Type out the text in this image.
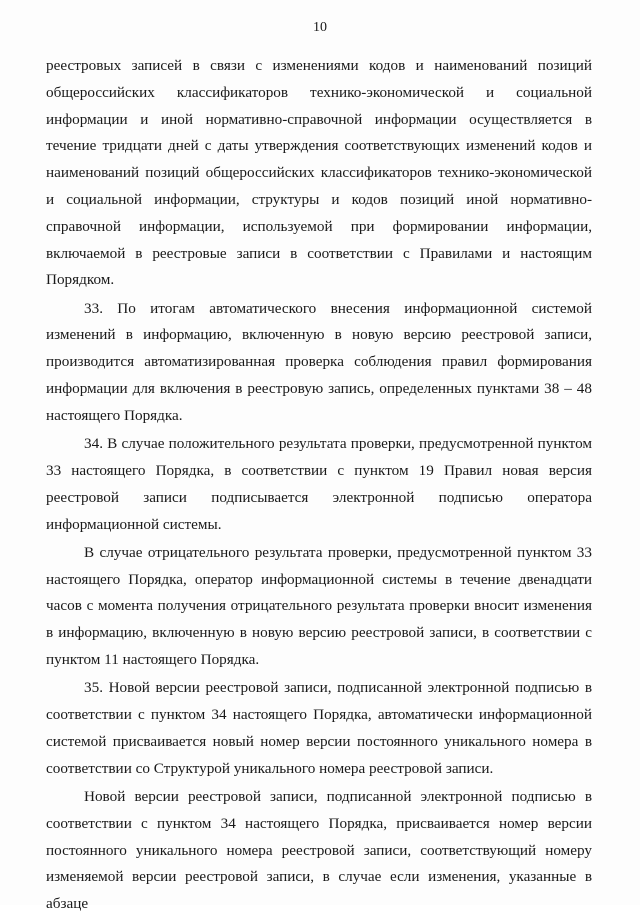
10

реестровых записей в связи с изменениями кодов и наименований позиций общероссийских классификаторов технико-экономической и социальной информации и иной нормативно-справочной информации осуществляется в течение тридцати дней с даты утверждения соответствующих изменений кодов и наименований позиций общероссийских классификаторов технико-экономической и социальной информации, структуры и кодов позиций иной нормативно-справочной информации, используемой при формировании информации, включаемой в реестровые записи в соответствии с Правилами и настоящим Порядком.

33. По итогам автоматического внесения информационной системой изменений в информацию, включенную в новую версию реестровой записи, производится автоматизированная проверка соблюдения правил формирования информации для включения в реестровую запись, определенных пунктами 38 – 48 настоящего Порядка.

34. В случае положительного результата проверки, предусмотренной пунктом 33 настоящего Порядка, в соответствии с пунктом 19 Правил новая версия реестровой записи подписывается электронной подписью оператора информационной системы.

В случае отрицательного результата проверки, предусмотренной пунктом 33 настоящего Порядка, оператор информационной системы в течение двенадцати часов с момента получения отрицательного результата проверки вносит изменения в информацию, включенную в новую версию реестровой записи, в соответствии с пунктом 11 настоящего Порядка.

35. Новой версии реестровой записи, подписанной электронной подписью в соответствии с пунктом 34 настоящего Порядка, автоматически информационной системой присваивается новый номер версии постоянного уникального номера в соответствии со Структурой уникального номера реестровой записи.

Новой версии реестровой записи, подписанной электронной подписью в соответствии с пунктом 34 настоящего Порядка, присваивается номер версии постоянного уникального номера реестровой записи, соответствующий номеру изменяемой версии реестровой записи, в случае если изменения, указанные в абзаце
